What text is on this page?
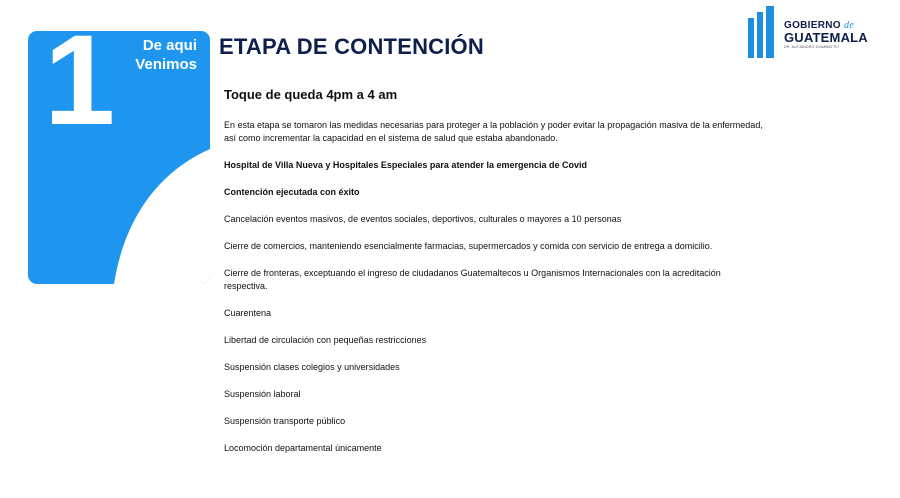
1	De aqui
Venimos
ETAPA DE CONTENCIÓN
GOBIERNO de
GUATEMALA
DR. ALEJANDRO GIAMMATTEI

Toque de queda 4pm a 4 am

En esta etapa se tomaron las medidas necesarias para proteger a la población y poder evitar la propagación masiva de la enfermedad, así como incrementar la capacidad en el sistema de salud que estaba abandonado.

Hospital de Villa Nueva y Hospitales Especiales para atender la emergencia de Covid

Contención ejecutada con éxito

Cancelación eventos masivos, de eventos sociales, deportivos, culturales o mayores a 10 personas

Cierre de comercios, manteniendo esencialmente farmacias, supermercados y comida con servicio de entrega a domicilio.

Cierre de fronteras, exceptuando el ingreso de ciudadanos Guatemaltecos u Organismos Internacionales con la acreditación respectiva.

Cuarentena

Libertad de circulación con pequeñas restricciones

Suspensión clases colegios y universidades

Suspensión laboral

Suspensión transporte público

Locomoción departamental únicamente
